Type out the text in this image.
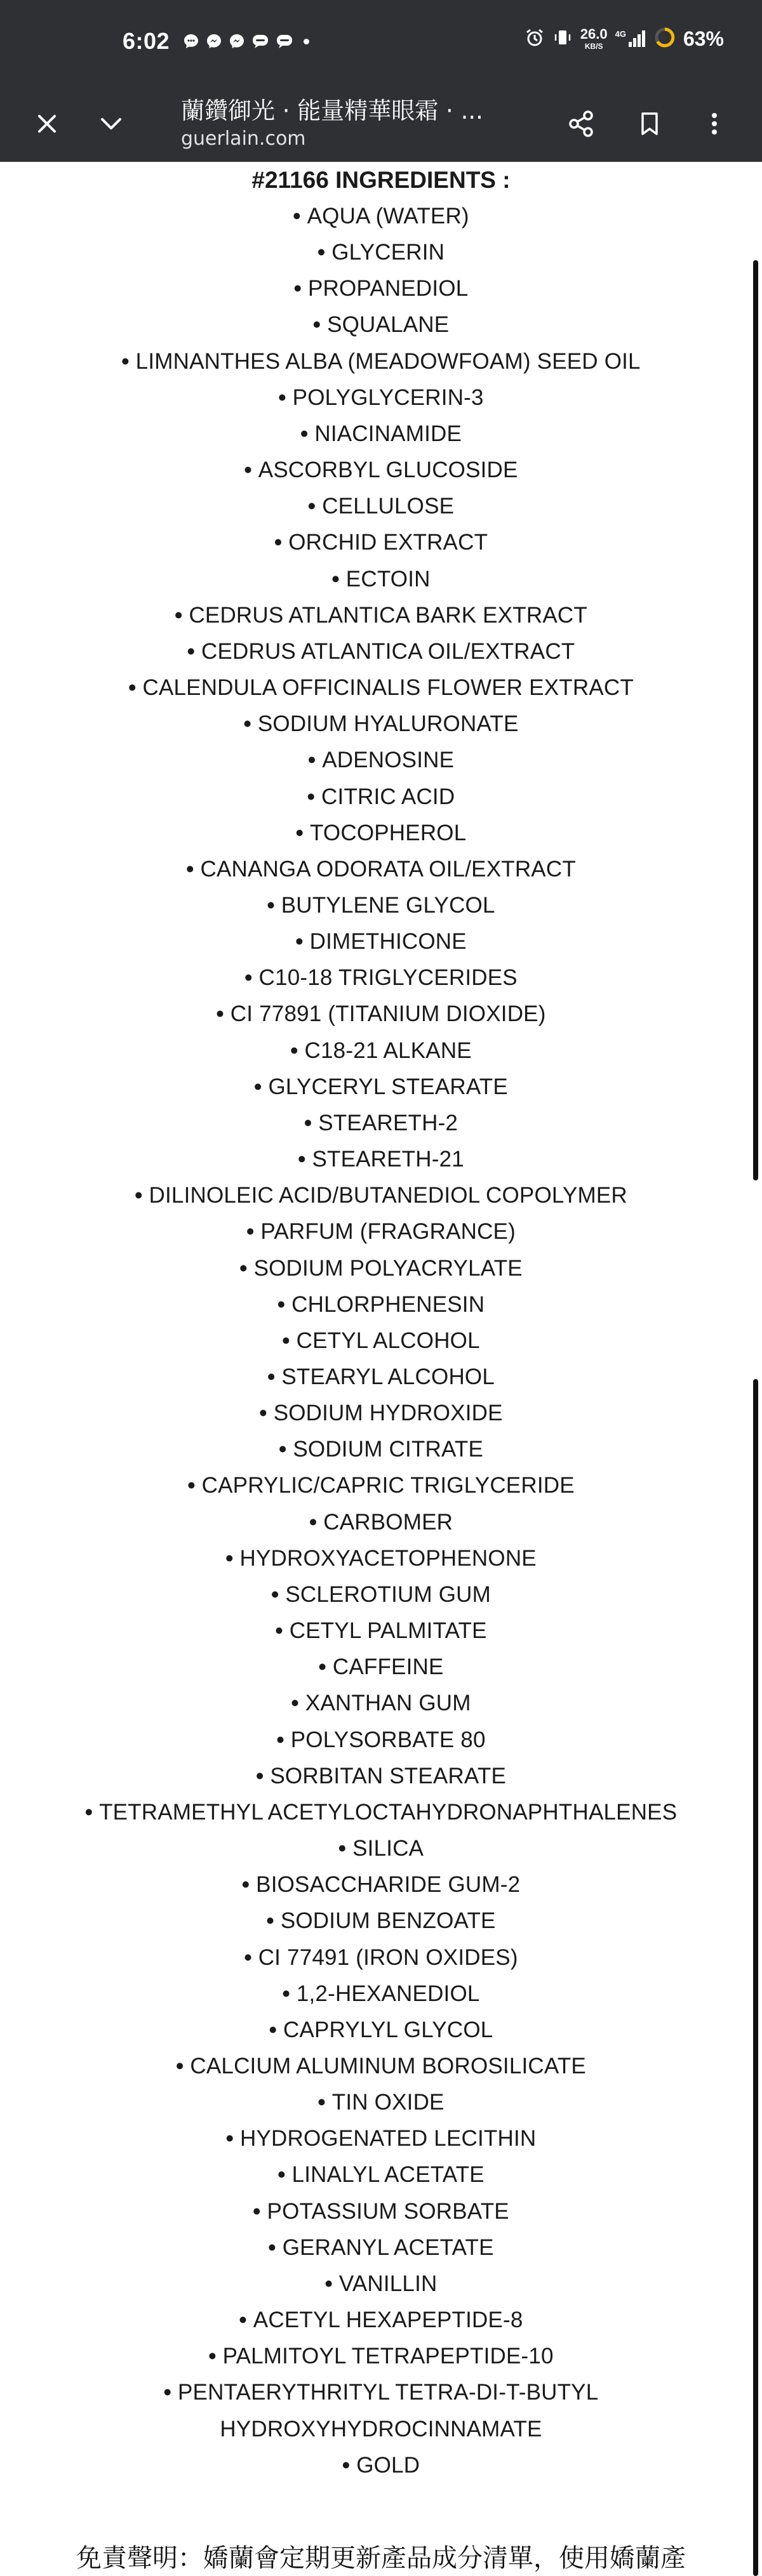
6:02	26.0
KB/S
4G	63%
蘭鑽御光 · 能量精華眼霜 · ...
guerlain.com
#21166 INGREDIENTS :
• AQUA (WATER)
• GLYCERIN
• PROPANEDIOL
• SQUALANE
• LIMNANTHES ALBA (MEADOWFOAM) SEED OIL
• POLYGLYCERIN-3
• NIACINAMIDE
• ASCORBYL GLUCOSIDE
• CELLULOSE
• ORCHID EXTRACT
• ECTOIN
• CEDRUS ATLANTICA BARK EXTRACT
• CEDRUS ATLANTICA OIL/EXTRACT
• CALENDULA OFFICINALIS FLOWER EXTRACT
• SODIUM HYALURONATE
• ADENOSINE
• CITRIC ACID
• TOCOPHEROL
• CANANGA ODORATA OIL/EXTRACT
• BUTYLENE GLYCOL
• DIMETHICONE
• C10-18 TRIGLYCERIDES
• CI 77891 (TITANIUM DIOXIDE)
• C18-21 ALKANE
• GLYCERYL STEARATE
• STEARETH-2
• STEARETH-21
• DILINOLEIC ACID/BUTANEDIOL COPOLYMER
• PARFUM (FRAGRANCE)
• SODIUM POLYACRYLATE
• CHLORPHENESIN
• CETYL ALCOHOL
• STEARYL ALCOHOL
• SODIUM HYDROXIDE
• SODIUM CITRATE
• CAPRYLIC/CAPRIC TRIGLYCERIDE
• CARBOMER
• HYDROXYACETOPHENONE
• SCLEROTIUM GUM
• CETYL PALMITATE
• CAFFEINE
• XANTHAN GUM
• POLYSORBATE 80
• SORBITAN STEARATE
• TETRAMETHYL ACETYLOCTAHYDRONAPHTHALENES
• SILICA
• BIOSACCHARIDE GUM-2
• SODIUM BENZOATE
• CI 77491 (IRON OXIDES)
• 1,2-HEXANEDIOL
• CAPRYLYL GLYCOL
• CALCIUM ALUMINUM BOROSILICATE
• TIN OXIDE
• HYDROGENATED LECITHIN
• LINALYL ACETATE
• POTASSIUM SORBATE
• GERANYL ACETATE
• VANILLIN
• ACETYL HEXAPEPTIDE-8
• PALMITOYL TETRAPEPTIDE-10
• PENTAERYTHRITYL TETRA-DI-T-BUTYL
HYDROXYHYDROCINNAMATE
• GOLD
免責聲明：嬌蘭會定期更新產品成分清單，使用嬌蘭產
